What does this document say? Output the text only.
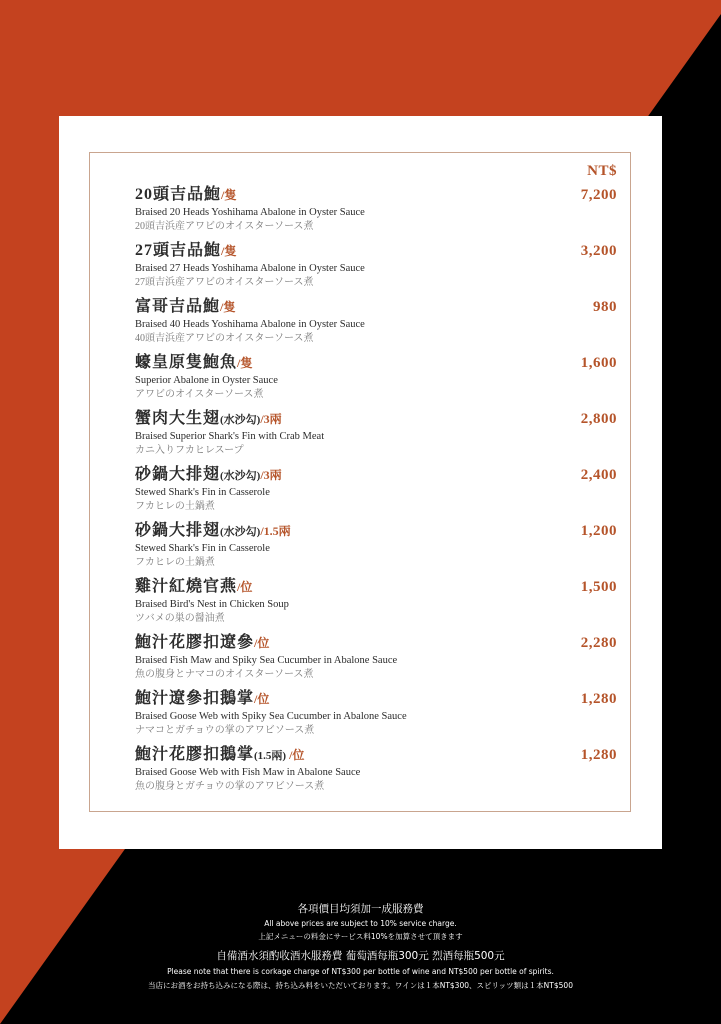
NT$
20頭吉品鮑/隻
Braised 20 Heads Yoshihama Abalone in Oyster Sauce
20頭吉浜産アワビのオイスターソース煮
7,200
27頭吉品鮑/隻
Braised 27 Heads Yoshihama Abalone in Oyster Sauce
27頭吉浜産アワビのオイスターソース煮
3,200
富哥吉品鮑/隻
Braised 40 Heads Yoshihama Abalone in Oyster Sauce
40頭吉浜産アワビのオイスターソース煮
980
蠔皇原隻鮑魚/隻
Superior Abalone in Oyster Sauce
アワビのオイスターソース煮
1,600
蟹肉大生翅(水沙勾)/3兩
Braised Superior Shark's Fin with Crab Meat
カニ入りフカヒレスープ
2,800
砂鍋大排翅(水沙勾)/3兩
Stewed Shark's Fin in Casserole
フカヒレの土鍋煮
2,400
砂鍋大排翅(水沙勾)/1.5兩
Stewed Shark's Fin in Casserole
フカヒレの土鍋煮
1,200
雞汁紅燒官燕/位
Braised Bird's Nest in Chicken Soup
ツバメの巣の醤油煮
1,500
鮑汁花膠扣遼參/位
Braised Fish Maw and Spiky Sea Cucumber in Abalone Sauce
魚の腹身とナマコのオイスターソース煮
2,280
鮑汁遼參扣鵝掌/位
Braised Goose Web with Spiky Sea Cucumber in Abalone Sauce
ナマコとガチョウの掌のアワビソース煮
1,280
鮑汁花膠扣鵝掌(1.5兩) /位
Braised Goose Web with Fish Maw in Abalone Sauce
魚の腹身とガチョウの掌のアワビソース煮
1,280
各項價目均須加一成服務費
All above prices are subject to 10% service charge.
上記メニューの料金にサービス料10%を加算させて頂きます
自備酒水須酌收酒水服務費 葡萄酒每瓶300元 烈酒每瓶500元
Please note that there is corkage charge of NT$300 per bottle of wine and NT$500 per bottle of spirits.
当店にお酒をお持ち込みになる際は、持ち込み料をいただいております。ワインは１本NT$300、スピリッツ類は１本NT$500
